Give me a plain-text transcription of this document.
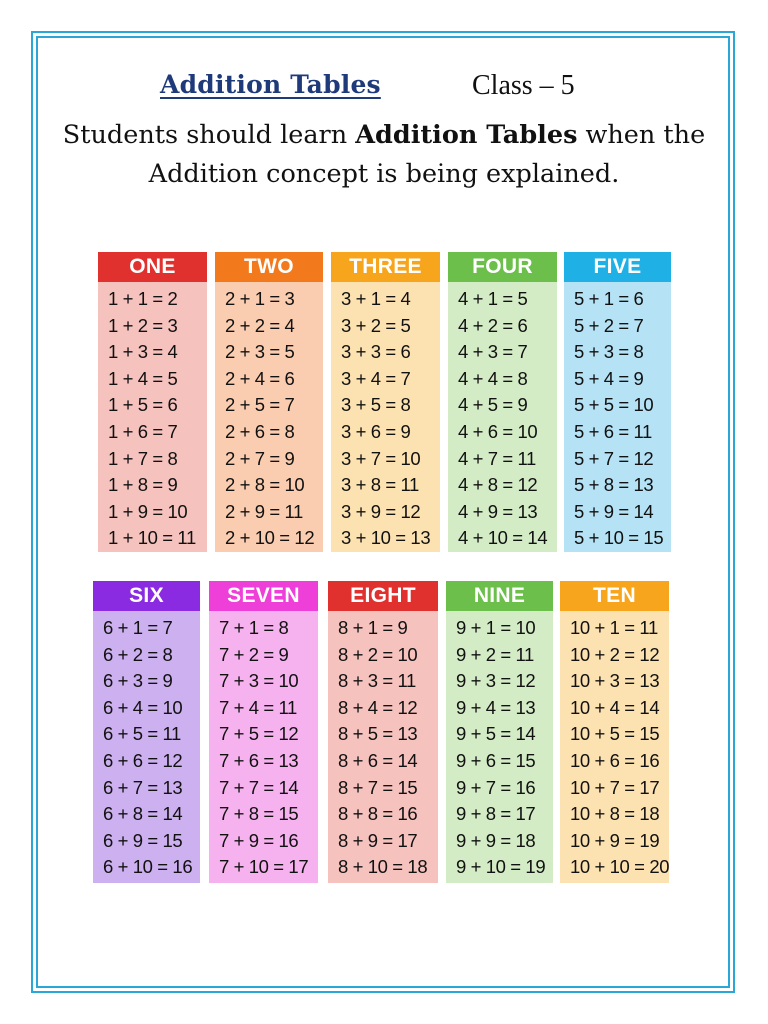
Addition Tables	Class – 5
Students should learn Addition Tables when the Addition concept is being explained.
ONE
1 + 1 = 2
1 + 2 = 3
1 + 3 = 4
1 + 4 = 5
1 + 5 = 6
1 + 6 = 7
1 + 7 = 8
1 + 8 = 9
1 + 9 = 10
1 + 10 = 11
TWO
2 + 1 = 3
2 + 2 = 4
2 + 3 = 5
2 + 4 = 6
2 + 5 = 7
2 + 6 = 8
2 + 7 = 9
2 + 8 = 10
2 + 9 = 11
2 + 10 = 12
THREE
3 + 1 = 4
3 + 2 = 5
3 + 3 = 6
3 + 4 = 7
3 + 5 = 8
3 + 6 = 9
3 + 7 = 10
3 + 8 = 11
3 + 9 = 12
3 + 10 = 13
FOUR
4 + 1 = 5
4 + 2 = 6
4 + 3 = 7
4 + 4 = 8
4 + 5 = 9
4 + 6 = 10
4 + 7 = 11
4 + 8 = 12
4 + 9 = 13
4 + 10 = 14
FIVE
5 + 1 = 6
5 + 2 = 7
5 + 3 = 8
5 + 4 = 9
5 + 5 = 10
5 + 6 = 11
5 + 7 = 12
5 + 8 = 13
5 + 9 = 14
5 + 10 = 15
SIX
6 + 1 = 7
6 + 2 = 8
6 + 3 = 9
6 + 4 = 10
6 + 5 = 11
6 + 6 = 12
6 + 7 = 13
6 + 8 = 14
6 + 9 = 15
6 + 10 = 16
SEVEN
7 + 1 = 8
7 + 2 = 9
7 + 3 = 10
7 + 4 = 11
7 + 5 = 12
7 + 6 = 13
7 + 7 = 14
7 + 8 = 15
7 + 9 = 16
7 + 10 = 17
EIGHT
8 + 1 = 9
8 + 2 = 10
8 + 3 = 11
8 + 4 = 12
8 + 5 = 13
8 + 6 = 14
8 + 7 = 15
8 + 8 = 16
8 + 9 = 17
8 + 10 = 18
NINE
9 + 1 = 10
9 + 2 = 11
9 + 3 = 12
9 + 4 = 13
9 + 5 = 14
9 + 6 = 15
9 + 7 = 16
9 + 8 = 17
9 + 9 = 18
9 + 10 = 19
TEN
10 + 1 = 11
10 + 2 = 12
10 + 3 = 13
10 + 4 = 14
10 + 5 = 15
10 + 6 = 16
10 + 7 = 17
10 + 8 = 18
10 + 9 = 19
10 + 10 = 20
